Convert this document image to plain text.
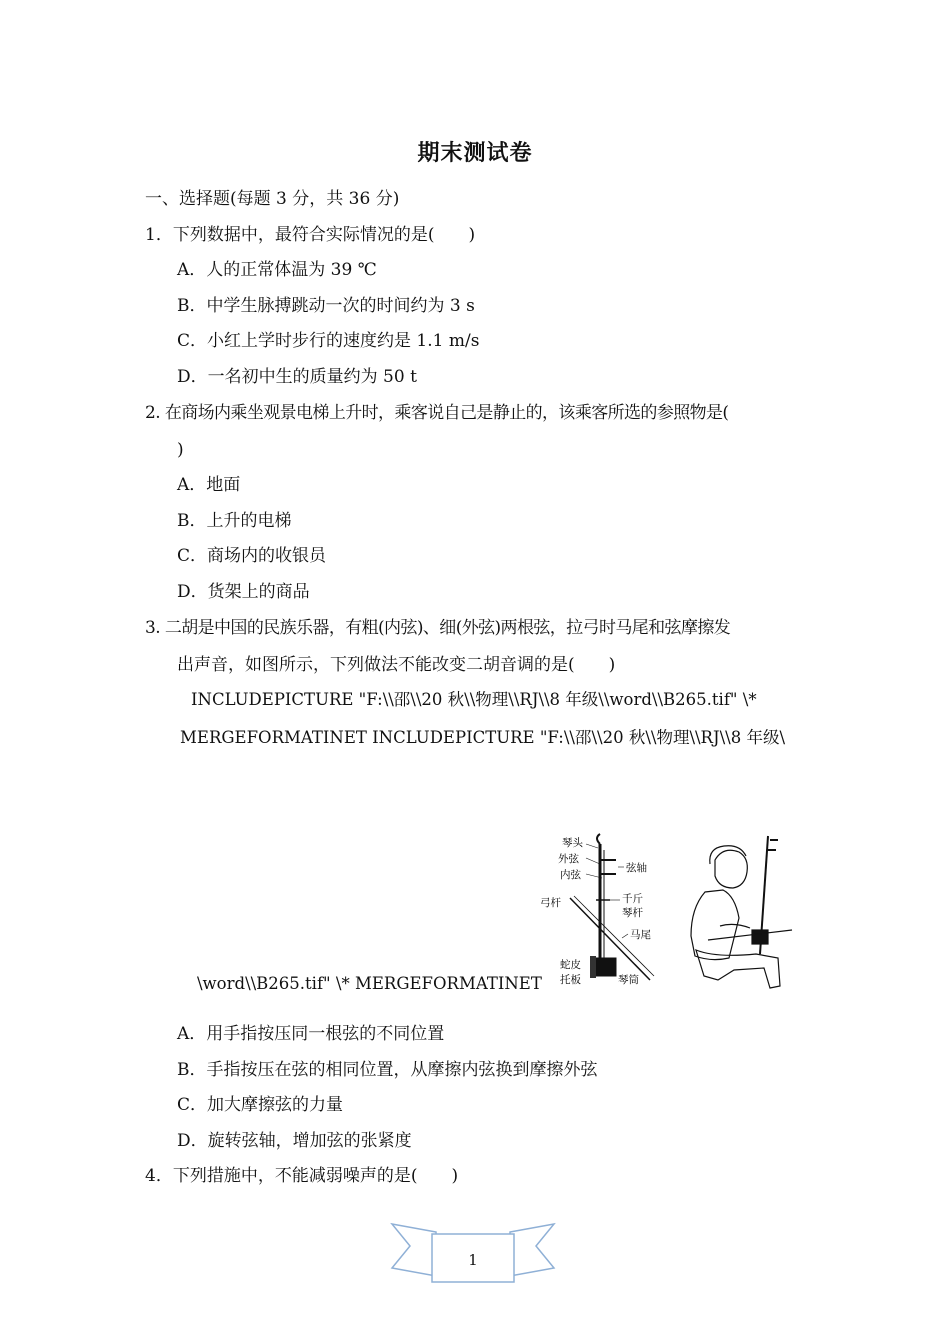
期末测试卷
一、选择题(每题 3 分，共 36 分)
1．下列数据中，最符合实际情况的是(　　)
A．人的正常体温为 39 ℃
B．中学生脉搏跳动一次的时间约为 3 s
C．小红上学时步行的速度约是 1.1 m/s
D．一名初中生的质量约为 50 t
2. 在商场内乘坐观景电梯上升时，乘客说自己是静止的，该乘客所选的参照物是(
)
A．地面
B．上升的电梯
C．商场内的收银员
D．货架上的商品
3. 二胡是中国的民族乐器，有粗(内弦)、细(外弦)两根弦，拉弓时马尾和弦摩擦发
出声音，如图所示，下列做法不能改变二胡音调的是(　　)
INCLUDEPICTURE "F:\\邵\\20 秋\\物理\\RJ\\8 年级\\word\\B265.tif" \*
MERGEFORMATINET INCLUDEPICTURE "F:\\邵\\20 秋\\物理\\RJ\\8 年级\
\word\\B265.tif" \* MERGEFORMATINET
琴头
外弦
内弦
弦轴
弓杆	千斤
琴杆
马尾
蛇皮
托板	琴筒
A．用手指按压同一根弦的不同位置
B．手指按压在弦的相同位置，从摩擦内弦换到摩擦外弦
C．加大摩擦弦的力量
D．旋转弦轴，增加弦的张紧度
4．下列措施中，不能减弱噪声的是(　　)
1
